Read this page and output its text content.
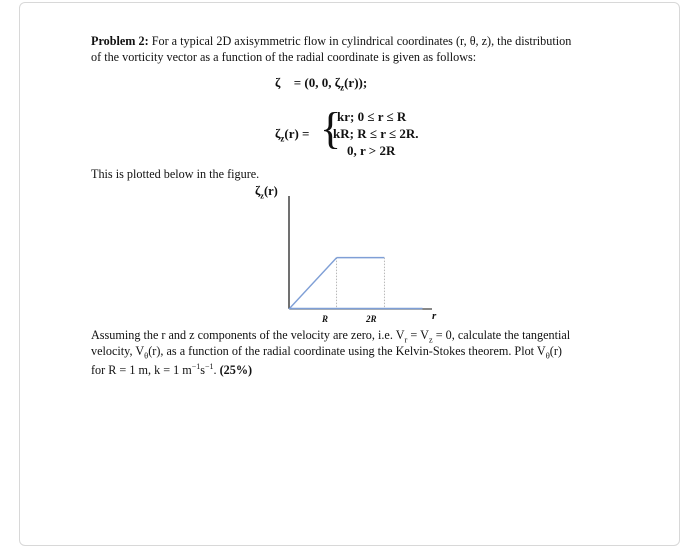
Problem 2: For a typical 2D axisymmetric flow in cylindrical coordinates (r, θ, z), the distribution
of the vorticity vector as a function of the radial coordinate is given as follows:
ζ⃗ = (0, 0, $\zeta_z(r)$);
$\zeta_z(r)$ = {
kr; 0 ≤ r ≤ R
kR; R ≤ r ≤ 2R.
0, r > 2R
This is plotted below in the figure.
$\zeta_z(r)$
R	2R	r
Assuming the r and z components of the velocity are zero, i.e. $V_r = V_z = 0$, calculate the tangential
velocity, $V_\theta(r)$, as a function of the radial coordinate using the Kelvin-Stokes theorem. Plot $V_\theta(r)$
for R = 1 m, k = 1 $m^{-1}s^{-1}$. (25%)
